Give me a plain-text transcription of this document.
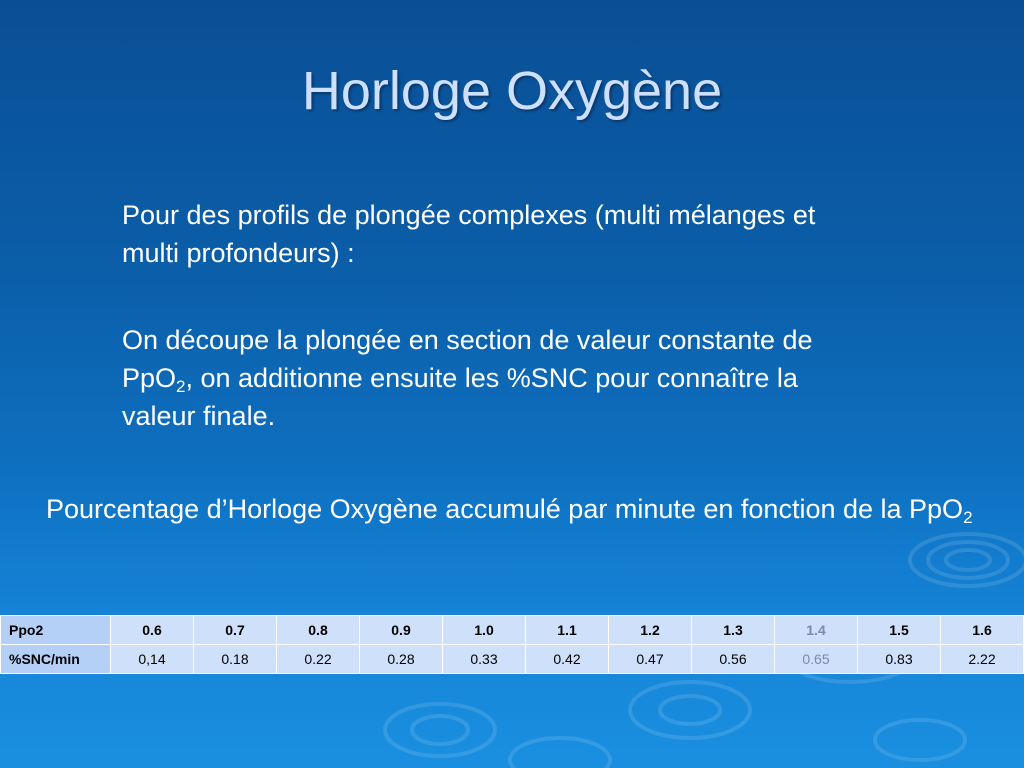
Horloge Oxygène

Pour des profils de plongée complexes (multi mélanges et multi profondeurs) :

On découpe la plongée en section de valeur constante de PpO$_2$, on additionne ensuite les %SNC pour connaître la valeur finale.

Pourcentage d’Horloge Oxygène accumulé par minute en fonction de la PpO$_2$

Ppo2	0.6	0.7	0.8	0.9	1.0	1.1	1.2	1.3	1.4	1.5	1.6
%SNC/min	0,14	0.18	0.22	0.28	0.33	0.42	0.47	0.56	0.65	0.83	2.22
